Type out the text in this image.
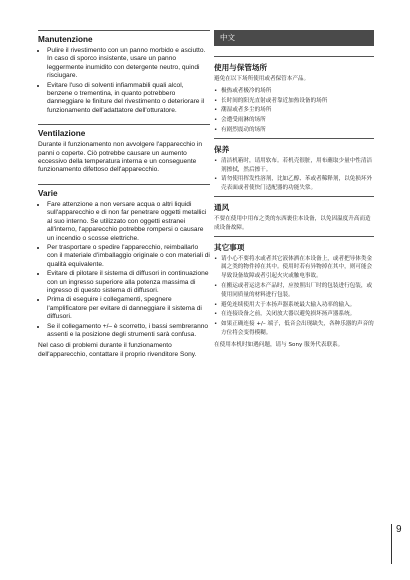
Manutenzione
• Pulire il rivestimento con un panno morbido e asciutto. In caso di sporco insistente, usare un panno leggermente inumidito con detergente neutro, quindi risciugare.
• Evitare l'uso di solventi infiammabili quali alcol, benzene o trementina, in quanto potrebbero danneggiare le finiture del rivestimento o deteriorare il funzionamento dell'adattatore dell'otturatore.
Ventilazione

Durante il funzionamento non avvolgere l'apparecchio in panni o coperte. Ciò potrebbe causare un aumento eccessivo della temperatura interna e un conseguente funzionamento difettoso dell'apparecchio.

Varie
• Fare attenzione a non versare acqua o altri liquidi sull'apparecchio e di non far penetrare oggetti metallici al suo interno. Se utilizzato con oggetti estranei all'interno, l'apparecchio potrebbe rompersi o causare un incendio o scosse elettriche.
• Per trasportare o spedire l'apparecchio, reimballarlo con il materiale d'imballaggio originale o con materiali di qualità equivalente.
• Evitare di pilotare il sistema di diffusori in continuazione con un ingresso superiore alla potenza massima di ingresso di questo sistema di diffusori.
• Prima di eseguire i collegamenti, spegnere l'amplificatore per evitare di danneggiare il sistema di diffusori.
• Se il collegamento +/– è scorretto, i bassi sembreranno assenti e la posizione degli strumenti sarà confusa.

Nel caso di problemi durante il funzionamento dell'apparecchio, contattare il proprio rivenditore Sony.

中文
使用与保管场所

避免在以下场所使用或者保管本产品。

• 极热或者极冷的场所
• 长时间的阳光直射或者靠近加热设备的场所
• 潮湿或者多尘的场所
• 会遭受雨淋的场所
• 有剧烈震动的场所
保养
• 清洁机箱时，请用软布。若机壳很脏，用布蘸取少量中性清洁剂擦拭，然后擦干。
• 请勿使用挥发性溶剂，比如乙醇、苯或者稀释剂，以免损坏外壳表面或者使快门适配器的功能失常。
通风

不要在使用中用布之类的东西裹住本设备，以免因温度升高而造成设备故障。

其它事项
• 请小心不要将水或者其它液体洒在本设备上，或者把导体类金属之类的物件掉在其中。使用时若有异物掉在其中，则可能会导致设备故障或者引起火灾或触电事故。
• 在搬运或者运送本产品时，应按照出厂时的包装进行包装，或使用同质量的材料进行包装。
• 避免连续使用大于本扬声器系统最大输入功率的输入。
• 在连接设备之前，关闭放大器以避免损坏扬声器系统。
• 如果正确连接 +/– 端子，低音会出现缺失，各种乐器的声音的方位将会变得模糊。

在使用本机时如遇问题，请与 Sony 服务代表联系。

9
